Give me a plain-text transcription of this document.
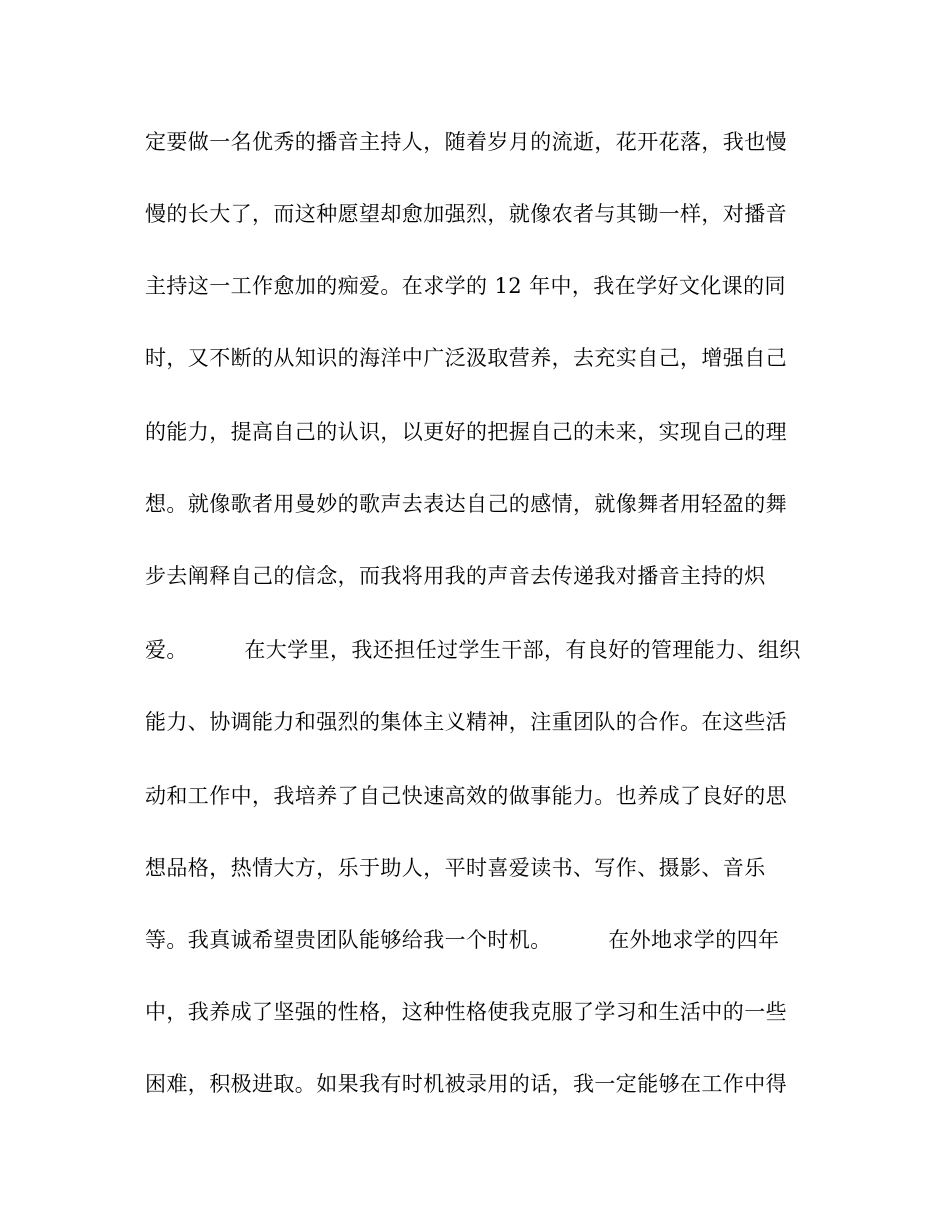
定要做一名优秀的播音主持人，随着岁月的流逝，花开花落，我也慢
慢的长大了，而这种愿望却愈加强烈，就像农者与其锄一样，对播音
主持这一工作愈加的痴爱。在求学的 12 年中，我在学好文化课的同
时，又不断的从知识的海洋中广泛汲取营养，去充实自己，增强自己
的能力，提高自己的认识，以更好的把握自己的未来，实现自己的理
想。就像歌者用曼妙的歌声去表达自己的感情，就像舞者用轻盈的舞
步去阐释自己的信念，而我将用我的声音去传递我对播音主持的炽
爱。        在大学里，我还担任过学生干部，有良好的管理能力、组织
能力、协调能力和强烈的集体主义精神，注重团队的合作。在这些活
动和工作中，我培养了自己快速高效的做事能力。也养成了良好的思
想品格，热情大方，乐于助人，平时喜爱读书、写作、摄影、音乐
等。我真诚希望贵团队能够给我一个时机。        在外地求学的四年
中，我养成了坚强的性格，这种性格使我克服了学习和生活中的一些
困难，积极进取。如果我有时机被录用的话，我一定能够在工作中得
